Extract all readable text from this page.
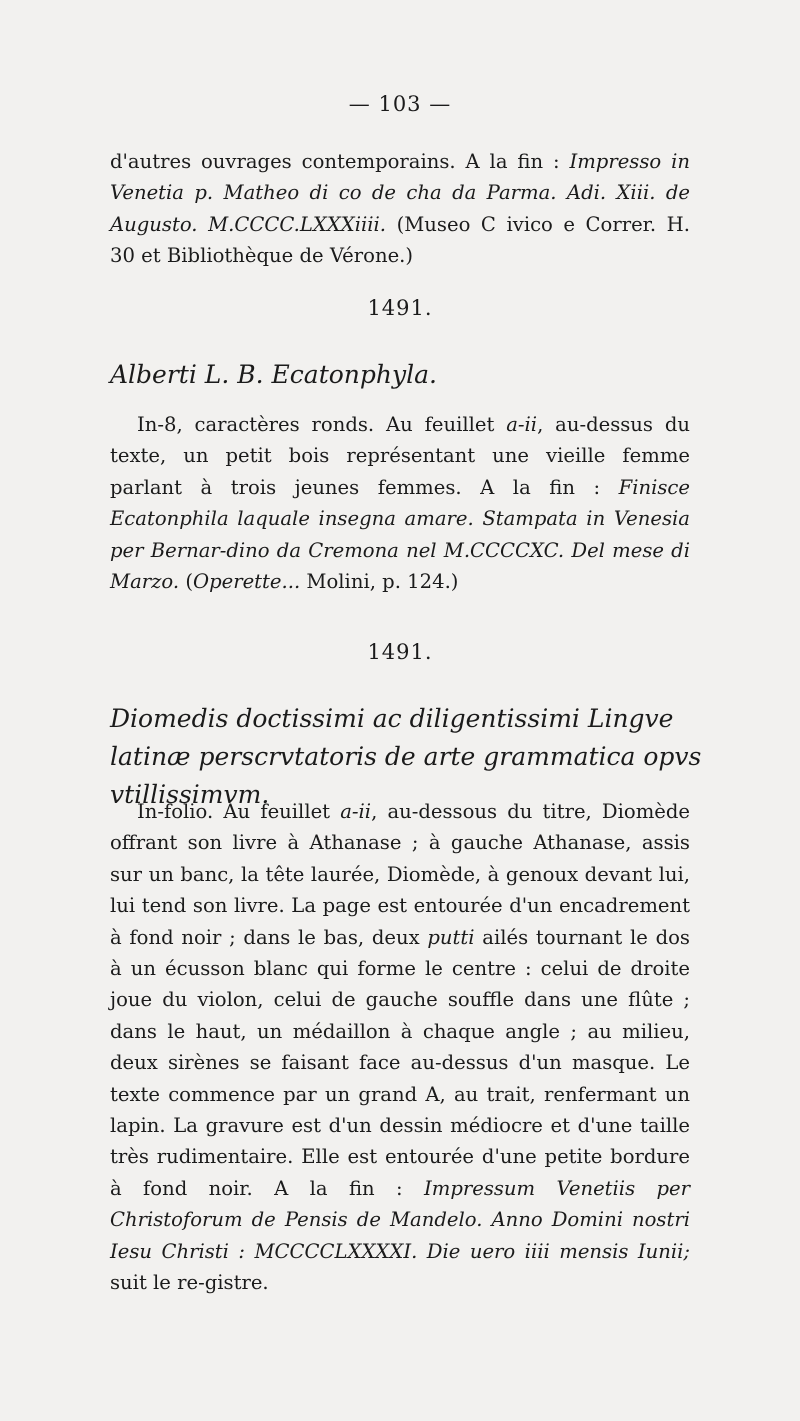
— 103 —

d'autres ouvrages contemporains. A la fin : Impresso in Venetia p. Matheo di co de cha da Parma. Adi. Xiii. de Augusto. M.CCCC.LXXXiiii. (Museo C ivico e Correr. H. 30 et Bibliothèque de Vérone.)

1491.
Alberti L. B. Ecatonphyla.

In-8, caractères ronds. Au feuillet a-ii, au-dessus du texte, un petit bois représentant une vieille femme parlant à trois jeunes femmes. A la fin : Finisce Ecatonphila laquale insegna amare. Stampata in Venesia per Bernar-dino da Cremona nel M.CCCCXC. Del mese di Marzo. (Operette... Molini, p. 124.)

1491.
Diomedis doctissimi ac diligentissimi Lingve latinæ perscrvtatoris de arte grammatica opvs vtillissimvm.

In-folio. Au feuillet a-ii, au-dessous du titre, Diomède offrant son livre à Athanase ; à gauche Athanase, assis sur un banc, la tête laurée, Diomède, à genoux devant lui, lui tend son livre. La page est entourée d'un encadrement à fond noir ; dans le bas, deux putti ailés tournant le dos à un écusson blanc qui forme le centre : celui de droite joue du violon, celui de gauche souffle dans une flûte ; dans le haut, un médaillon à chaque angle ; au milieu, deux sirènes se faisant face au-dessus d'un masque. Le texte commence par un grand A, au trait, renfermant un lapin. La gravure est d'un dessin médiocre et d'une taille très rudimentaire. Elle est entourée d'une petite bordure à fond noir. A la fin : Impressum Venetiis per Christoforum de Pensis de Mandelo. Anno Domini nostri Iesu Christi : MCCCCLXXXXI. Die uero iiii mensis Iunii; suit le re-gistre.
